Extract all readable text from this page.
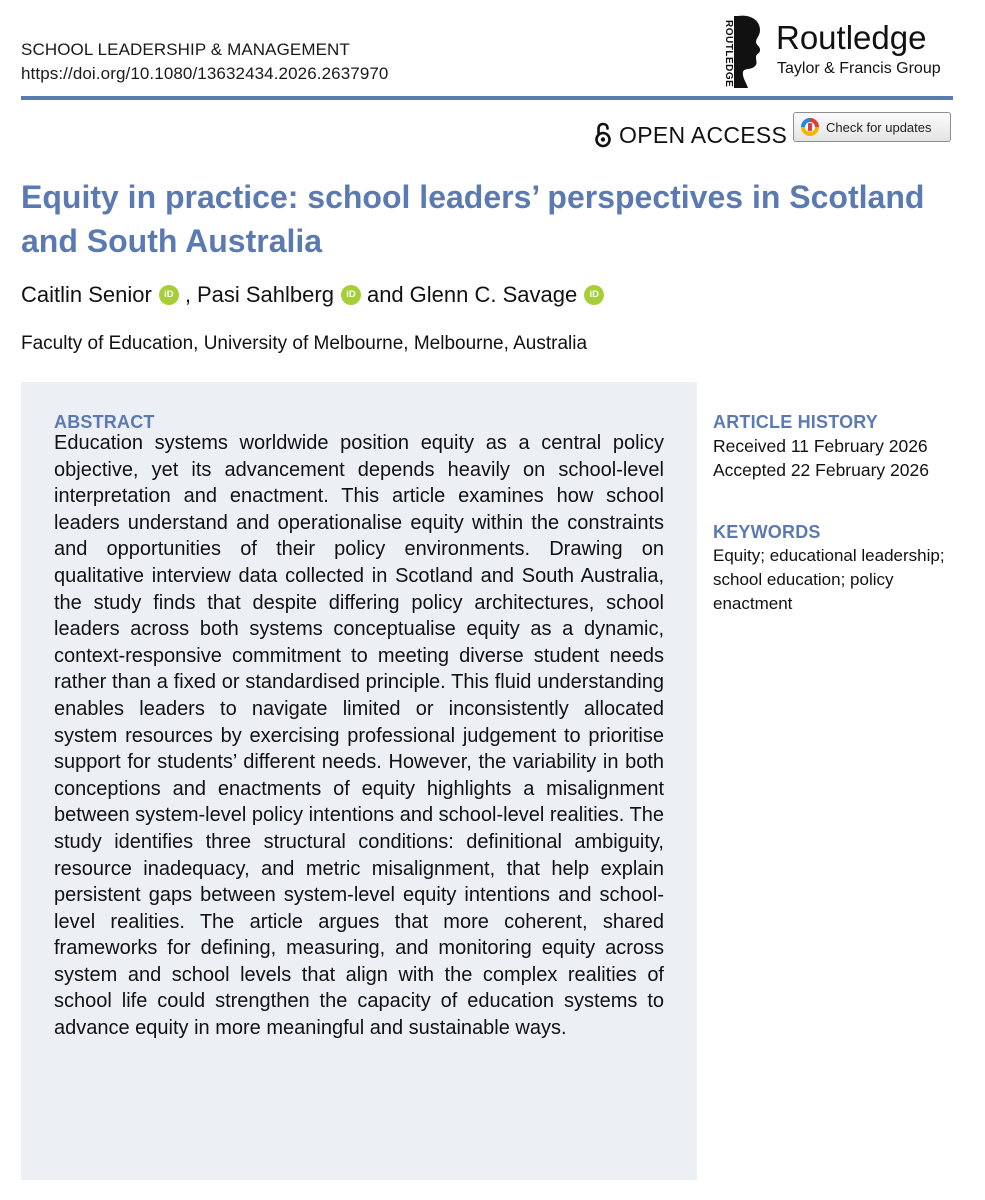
SCHOOL LEADERSHIP & MANAGEMENT
https://doi.org/10.1080/13632434.2026.2637970	ROUTLEDGE Routledge
Taylor & Francis Group
OPEN ACCESS	Check for updates
Equity in practice: school leaders’ perspectives in Scotland and South Australia
Caitlin Senior	iD , Pasi Sahlberg	iD and Glenn C. Savage	iD
Faculty of Education, University of Melbourne, Melbourne, Australia
ABSTRACT

Education systems worldwide position equity as a central policy objective, yet its advancement depends heavily on school-level interpretation and enactment. This article examines how school leaders understand and operationalise equity within the constraints and opportunities of their policy environments. Drawing on qualitative interview data collected in Scotland and South Australia, the study finds that despite differing policy architectures, school leaders across both systems conceptualise equity as a dynamic, context-responsive commitment to meeting diverse student needs rather than a fixed or standardised principle. This fluid understanding enables leaders to navigate limited or inconsistently allocated system resources by exercising professional judgement to prioritise support for students’ different needs. However, the variability in both conceptions and enactments of equity highlights a misalignment between system-level policy intentions and school-level realities. The study identifies three structural conditions: definitional ambiguity, resource inadequacy, and metric misalignment, that help explain persistent gaps between system-level equity intentions and school-level realities. The article argues that more coherent, shared frameworks for defining, measuring, and monitoring equity across system and school levels that align with the complex realities of school life could strengthen the capacity of education systems to advance equity in more meaningful and sustainable ways.

ARTICLE HISTORY
Received 11 February 2026
Accepted 22 February 2026
KEYWORDS
Equity; educational leadership; school education; policy enactment
